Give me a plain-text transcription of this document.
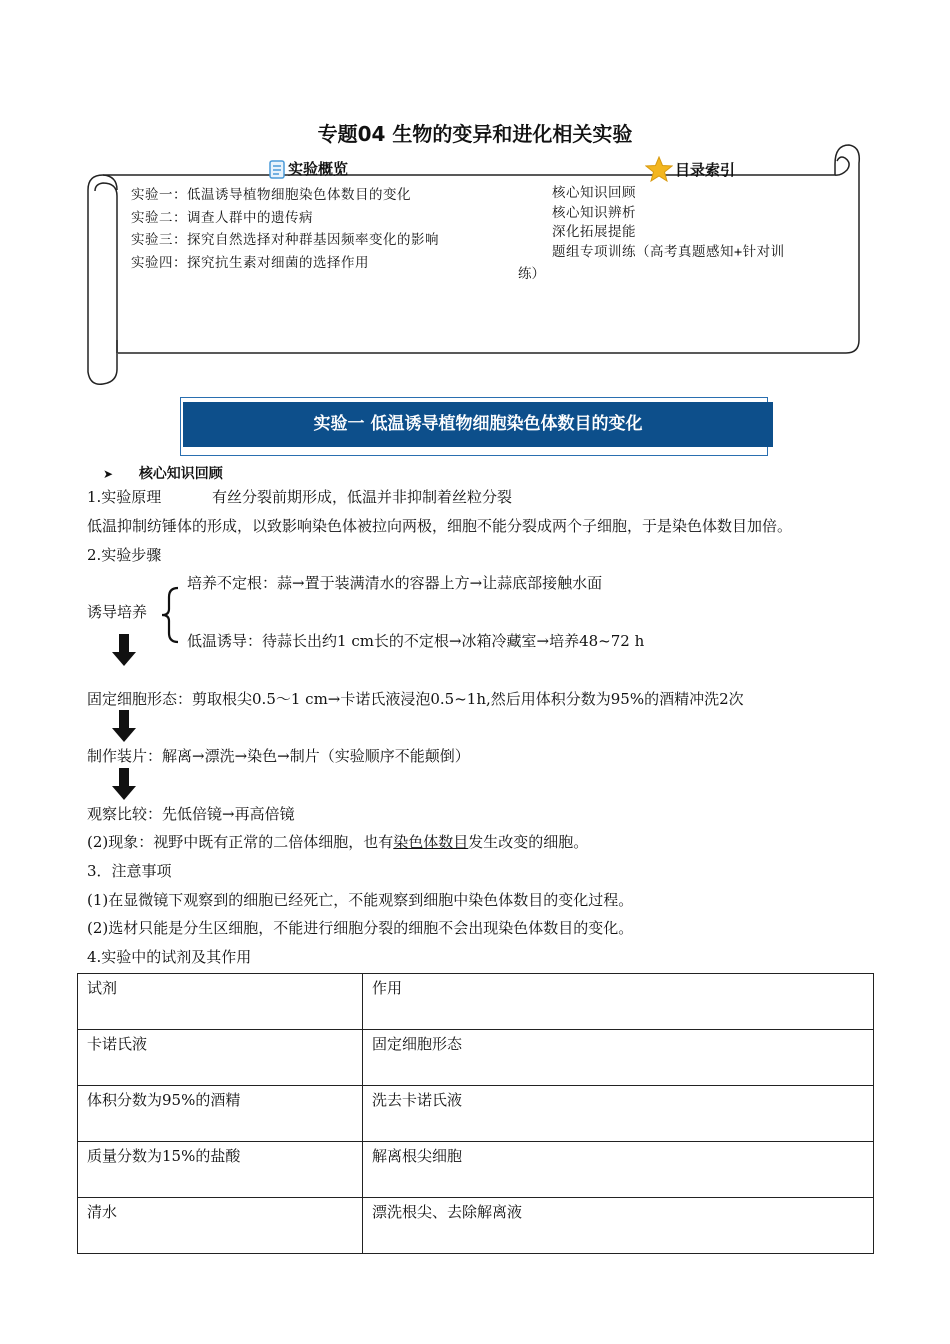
专题04 生物的变异和进化相关实验
实验概览	目录索引
实验一：低温诱导植物细胞染色体数目的变化
实验二：调查人群中的遗传病
实验三：探究自然选择对种群基因频率变化的影响
实验四：探究抗生素对细菌的选择作用
核心知识回顾
核心知识辨析
深化拓展提能
题组专项训练（高考真题感知+针对训
练）
实验一 低温诱导植物细胞染色体数目的变化
➤ 核心知识回顾
1.实验原理	有丝分裂前期形成，低温并非抑制着丝粒分裂
低温抑制纺锤体的形成，以致影响染色体被拉向两极，细胞不能分裂成两个子细胞，于是染色体数目加倍。
2.实验步骤
培养不定根：蒜→置于装满清水的容器上方→让蒜底部接触水面
诱导培养
低温诱导：待蒜长出约1 cm长的不定根→冰箱冷藏室→培养48~72 h
固定细胞形态：剪取根尖0.5～1 cm→卡诺氏液浸泡0.5~1h,然后用体积分数为95%的酒精冲洗2次
制作装片：解离→漂洗→染色→制片（实验顺序不能颠倒）
观察比较：先低倍镜→再高倍镜
(2)现象：视野中既有正常的二倍体细胞，也有染色体数目发生改变的细胞。
3．注意事项
(1)在显微镜下观察到的细胞已经死亡，不能观察到细胞中染色体数目的变化过程。
(2)选材只能是分生区细胞，不能进行细胞分裂的细胞不会出现染色体数目的变化。
4.实验中的试剂及其作用
试剂	作用
卡诺氏液	固定细胞形态
体积分数为95%的酒精	洗去卡诺氏液
质量分数为15%的盐酸	解离根尖细胞
清水	漂洗根尖、去除解离液
